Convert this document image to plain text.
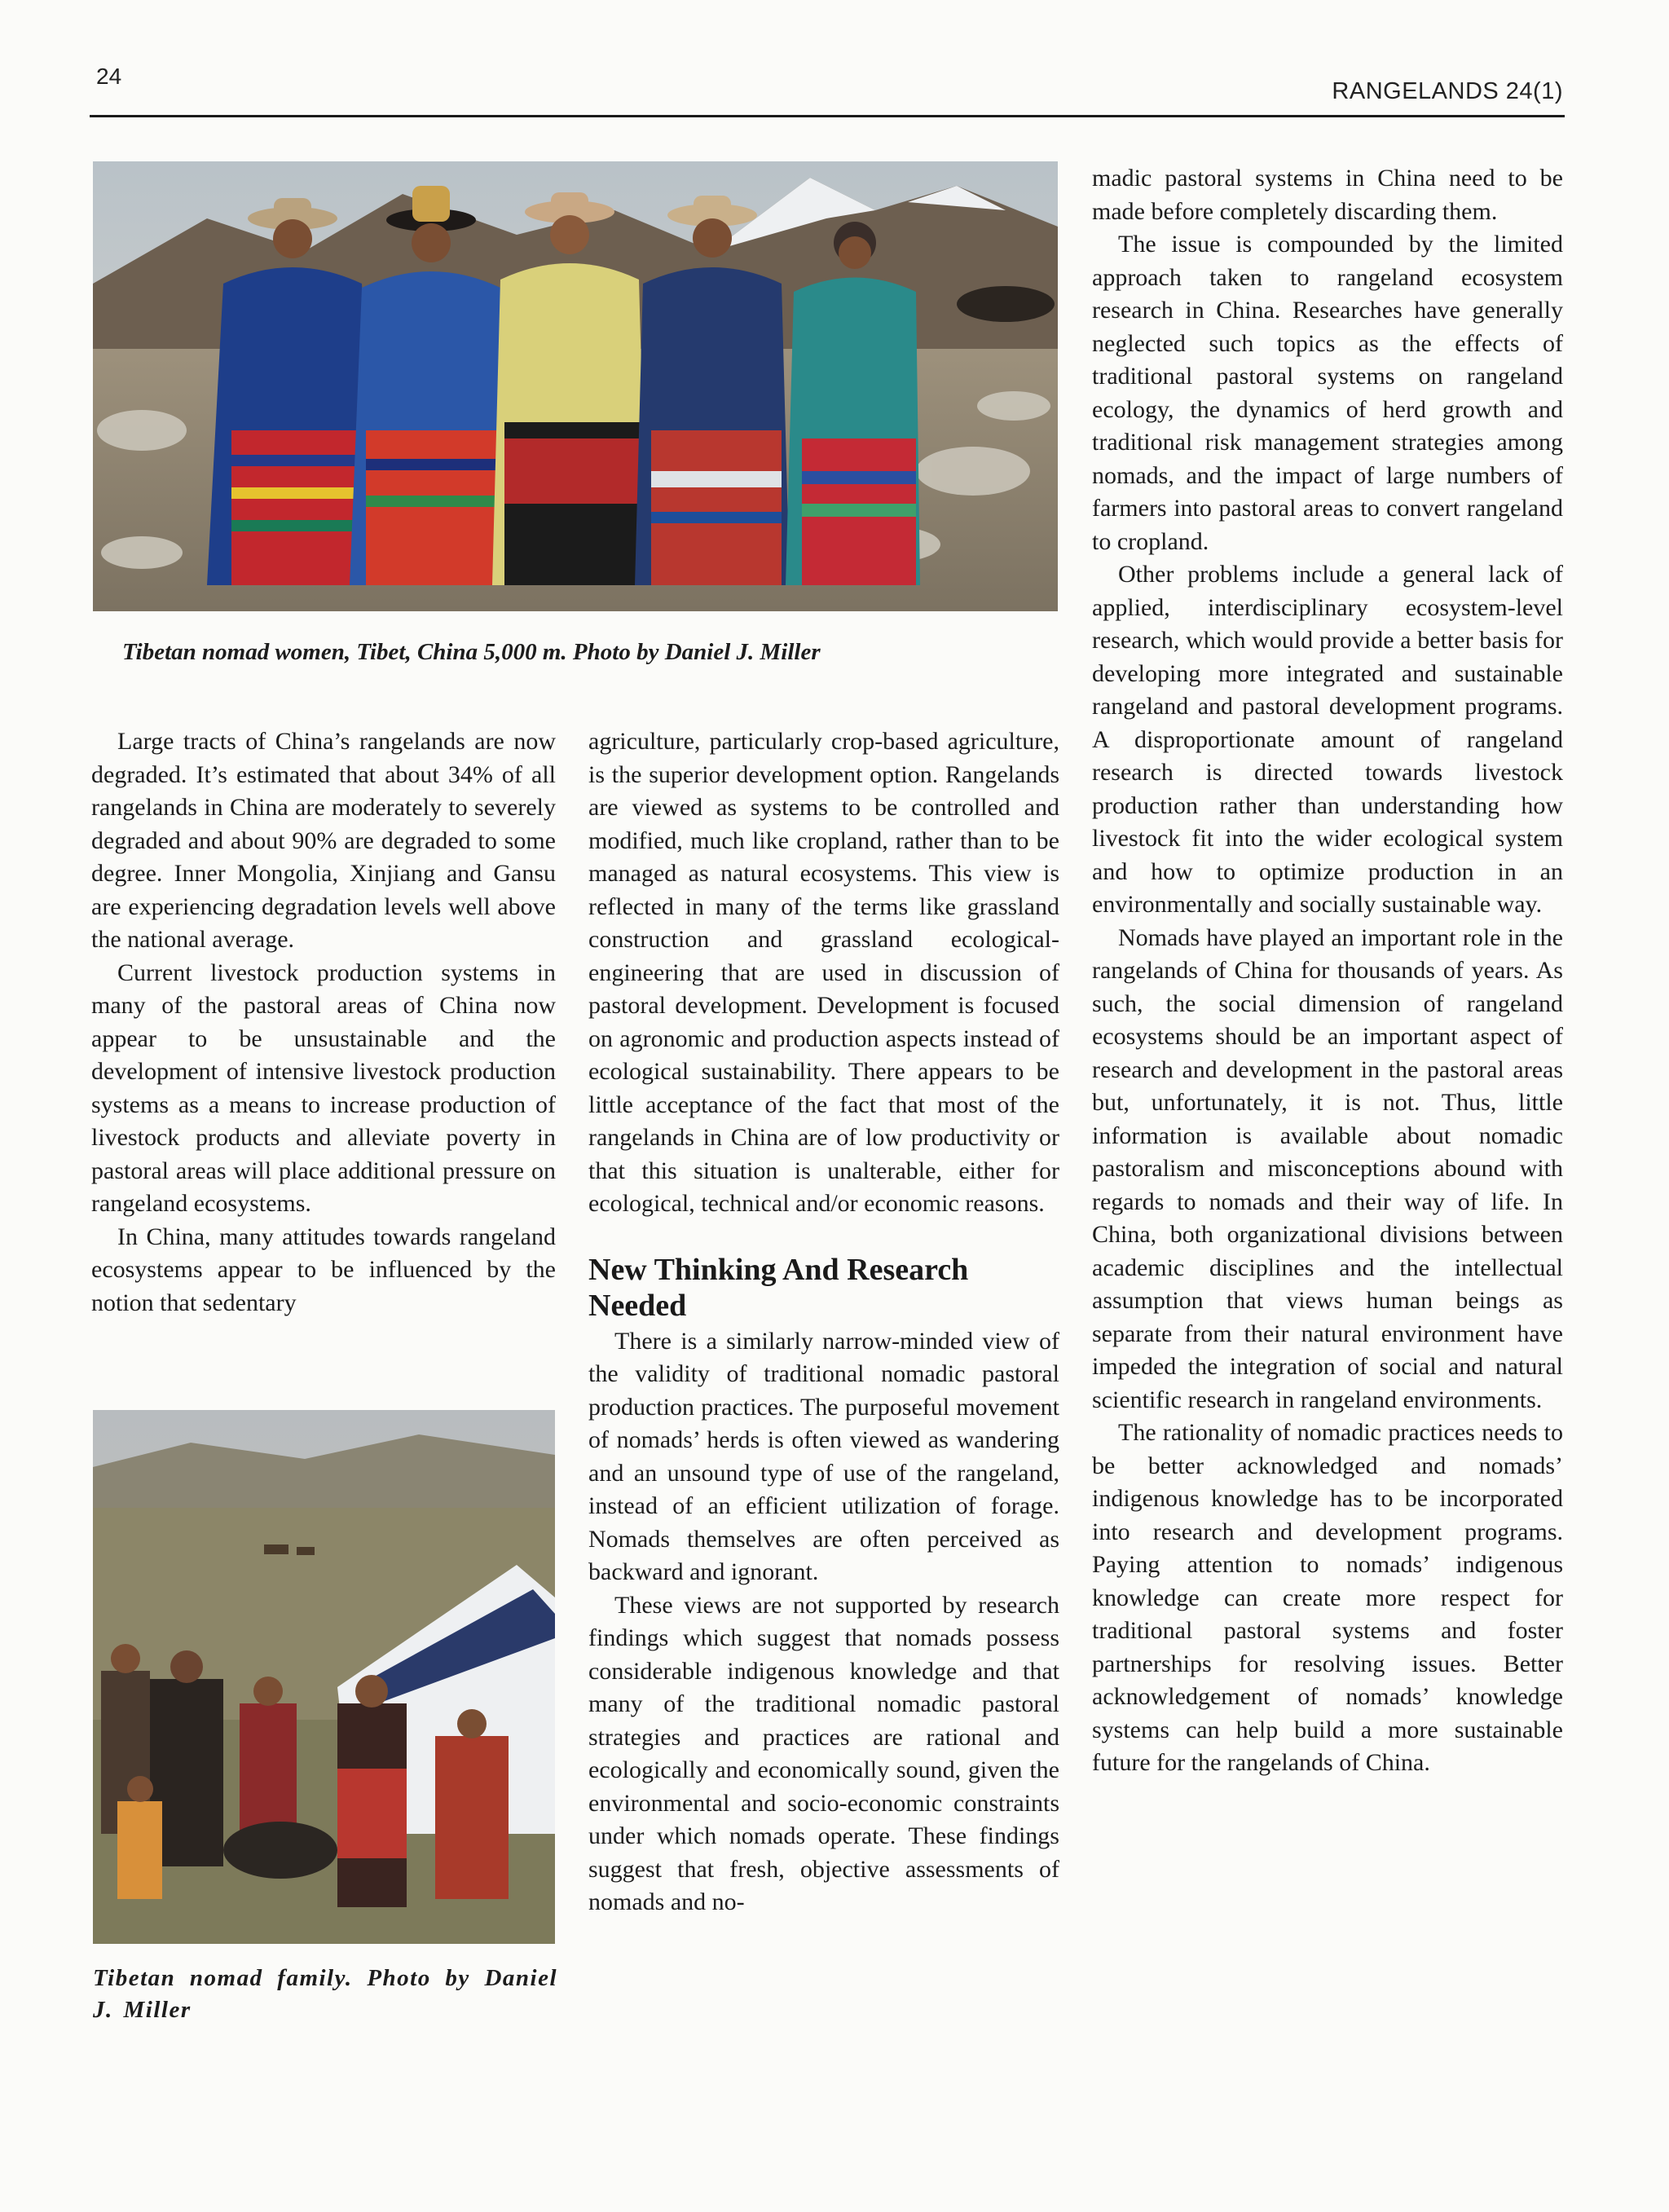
24
RANGELANDS 24(1)
Tibetan nomad women, Tibet, China 5,000 m. Photo by Daniel J. Miller

Large tracts of China’s rangelands are now degraded. It’s estimated that about 34% of all rangelands in China are moderately to severely degraded and about 90% are degraded to some degree. Inner Mongolia, Xinjiang and Gansu are experiencing degradation levels well above the national average.

Current livestock production systems in many of the pastoral areas of China now appear to be unsustainable and the development of intensive livestock production systems as a means to increase production of livestock products and alleviate poverty in pastoral areas will place additional pressure on rangeland ecosystems.

In China, many attitudes towards rangeland ecosystems appear to be influenced by the notion that sedentary

Tibetan nomad family. Photo by Daniel J. Miller

agriculture, particularly crop-based agriculture, is the superior development option. Rangelands are viewed as systems to be controlled and modified, much like cropland, rather than to be managed as natural ecosystems. This view is reflected in many of the terms like grassland construction and grassland ecological-engineering that are used in discussion of pastoral development. Development is focused on agronomic and production aspects instead of ecological sustainability. There appears to be little acceptance of the fact that most of the rangelands in China are of low productivity or that this situation is unalterable, either for ecological, technical and/or economic reasons.

New Thinking And Research Needed

There is a similarly narrow-minded view of the validity of traditional nomadic pastoral production practices. The purposeful movement of nomads’ herds is often viewed as wandering and an unsound type of use of the rangeland, instead of an efficient utilization of forage. Nomads themselves are often perceived as backward and ignorant.

These views are not supported by research findings which suggest that nomads possess considerable indigenous knowledge and that many of the traditional nomadic pastoral strategies and practices are rational and ecologically and economically sound, given the environmental and socio-economic constraints under which nomads operate. These findings suggest that fresh, objective assessments of nomads and no-

madic pastoral systems in China need to be made before completely discarding them.

The issue is compounded by the limited approach taken to rangeland ecosystem research in China. Researches have generally neglected such topics as the effects of traditional pastoral systems on rangeland ecology, the dynamics of herd growth and traditional risk management strategies among nomads, and the impact of large numbers of farmers into pastoral areas to convert rangeland to cropland.

Other problems include a general lack of applied, interdisciplinary ecosystem-level research, which would provide a better basis for developing more integrated and sustainable rangeland and pastoral development programs. A disproportionate amount of rangeland research is directed towards livestock production rather than understanding how livestock fit into the wider ecological system and how to optimize production in an environmentally and socially sustainable way.

Nomads have played an important role in the rangelands of China for thousands of years. As such, the social dimension of rangeland ecosystems should be an important aspect of research and development in the pastoral areas but, unfortunately, it is not. Thus, little information is available about nomadic pastoralism and misconceptions abound with regards to nomads and their way of life. In China, both organizational divisions between academic disciplines and the intellectual assumption that views human beings as separate from their natural environment have impeded the integration of social and natural scientific research in rangeland environments.

The rationality of nomadic practices needs to be better acknowledged and nomads’ indigenous knowledge has to be incorporated into research and development programs. Paying attention to nomads’ indigenous knowledge can create more respect for traditional pastoral systems and foster partnerships for resolving issues. Better acknowledgement of nomads’ knowledge systems can help build a more sustainable future for the rangelands of China.
